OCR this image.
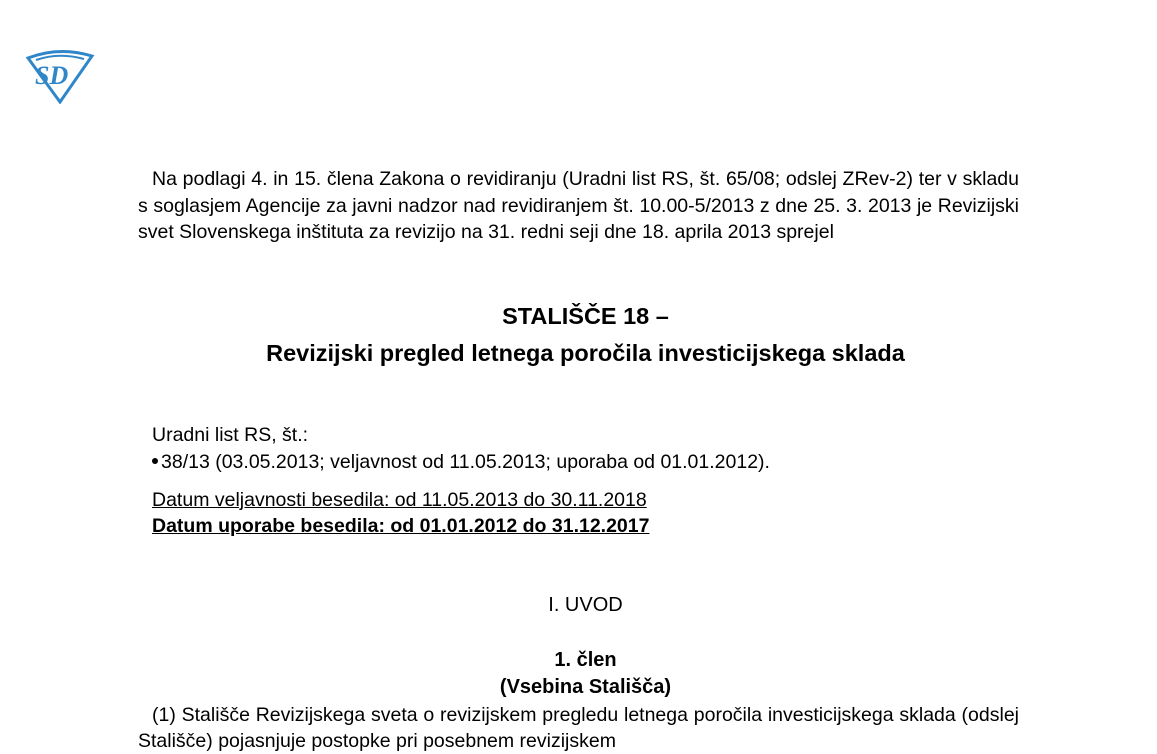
SD

Na podlagi 4. in 15. člena Zakona o revidiranju (Uradni list RS, št. 65/08; odslej ZRev-2) ter v skladu s soglasjem Agencije za javni nadzor nad revidiranjem št. 10.00-5/2013 z dne 25. 3. 2013 je Revizijski svet Slovenskega inštituta za revizijo na 31. redni seji dne 18. aprila 2013 sprejel

STALIŠČE 18 –
Revizijski pregled letnega poročila investicijskega sklada
Uradni list RS, št.:
38/13 (03.05.2013; veljavnost od 11.05.2013; uporaba od 01.01.2012).
Datum veljavnosti besedila: od 11.05.2013 do 30.11.2018
Datum uporabe besedila: od 01.01.2012 do 31.12.2017
I. UVOD
1. člen
(Vsebina Stališča)

(1) Stališče Revizijskega sveta o revizijskem pregledu letnega poročila investicijskega sklada (odslej Stališče) pojasnjuje postopke pri posebnem revizijskem
